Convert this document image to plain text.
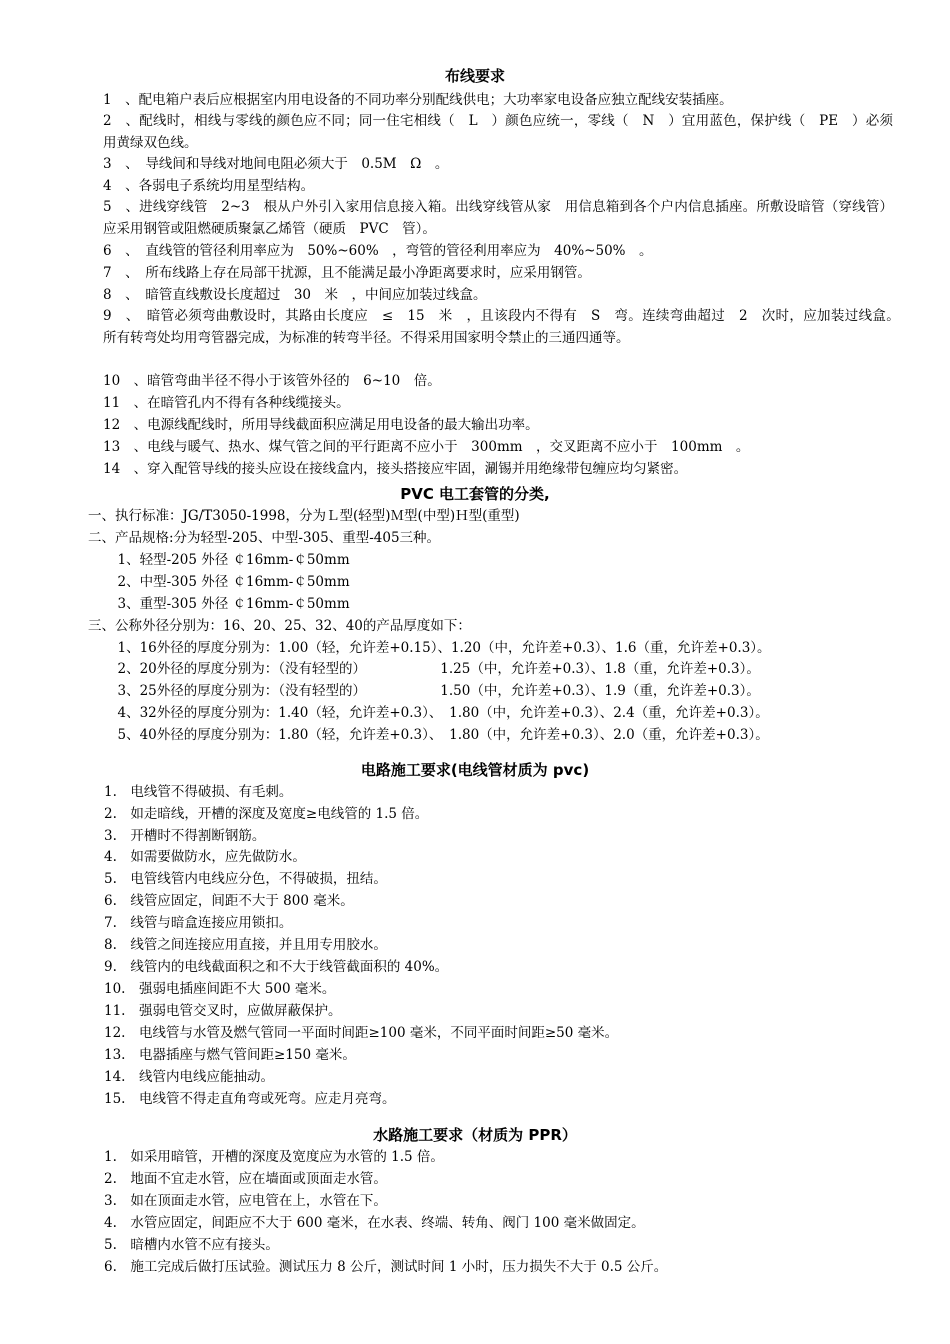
布线要求
1　、配电箱户表后应根据室内用电设备的不同功率分别配线供电；大功率家电设备应独立配线安装插座。
2　、配线时，相线与零线的颜色应不同；同一住宅相线（　L　）颜色应统一，零线（　N　）宜用蓝色，保护线（　PE　）必须用黄绿双色线。
3　、　导线间和导线对地间电阻必须大于　0.5M　Ω　。
4　、各弱电子系统均用星型结构。
5　、进线穿线管　2~3　根从户外引入家用信息接入箱。出线穿线管从家　用信息箱到各个户内信息插座。所敷设暗管（穿线管）应采用钢管或阻燃硬质聚氯乙烯管（硬质　PVC　管）。
6　、　直线管的管径利用率应为　50%~60%　，弯管的管径利用率应为　40%~50%　。
7　、　所布线路上存在局部干扰源，且不能满足最小净距离要求时，应采用钢管。
8　、　暗管直线敷设长度超过　30　米　，中间应加装过线盒。
9　、　暗管必须弯曲敷设时，其路由长度应　≤　15　米　，且该段内不得有　S　弯。连续弯曲超过　2　次时，应加装过线盒。　所有转弯处均用弯管器完成，为标准的转弯半径。不得采用国家明令禁止的三通四通等。
10　、暗管弯曲半径不得小于该管外径的　6~10　倍。
11　、在暗管孔内不得有各种线缆接头。
12　、电源线配线时，所用导线截面积应满足用电设备的最大输出功率。
13　、电线与暖气、热水、煤气管之间的平行距离不应小于　300mm　，交叉距离不应小于　100mm　。
14　、穿入配管导线的接头应设在接线盒内，接头搭接应牢固，涮锡并用绝缘带包缠应均匀紧密。
PVC 电工套管的分类,
一、执行标准：JG/T3050-1998，分为Ｌ型(轻型)Ｍ型(中型)Ｈ型(重型)
二、产品规格:分为轻型-205、中型-305、重型-405三种。
　1、轻型-205 外径 ￠16mm-￠50mm
　2、中型-305 外径 ￠16mm-￠50mm
　3、重型-305 外径 ￠16mm-￠50mm
三、公称外径分别为：16、20、25、32、40的产品厚度如下：
　1、16外径的厚度分别为：1.00（轻，允许差+0.15）、1.20（中，允许差+0.3）、1.6（重，允许差+0.3）。
　2、20外径的厚度分别为：（没有轻型的）　　　　　　1.25（中，允许差+0.3）、1.8（重，允许差+0.3）。
　3、25外径的厚度分别为：（没有轻型的）　　　　　　1.50（中，允许差+0.3）、1.9（重，允许差+0.3）。
　4、32外径的厚度分别为：1.40（轻，允许差+0.3）、　1.80（中，允许差+0.3）、2.4（重，允许差+0.3）。
　5、40外径的厚度分别为：1.80（轻，允许差+0.3）、　1.80（中，允许差+0.3）、2.0（重，允许差+0.3）。
电路施工要求(电线管材质为 pvc)
1.　电线管不得破损、有毛刺。
2.　如走暗线，开槽的深度及宽度≥电线管的 1.5 倍。
3.　开槽时不得割断钢筋。
4.　如需要做防水，应先做防水。
5.　电管线管内电线应分色，不得破损，扭结。
6.　线管应固定，间距不大于 800 毫米。
7.　线管与暗盒连接应用锁扣。
8.　线管之间连接应用直接，并且用专用胶水。
9.　线管内的电线截面积之和不大于线管截面积的 40%。
10.　强弱电插座间距不大 500 毫米。
11.　强弱电管交叉时，应做屏蔽保护。
12.　电线管与水管及燃气管同一平面时间距≥100 毫米，不同平面时间距≥50 毫米。
13.　电器插座与燃气管间距≥150 毫米。
14.　线管内电线应能抽动。
15.　电线管不得走直角弯或死弯。应走月亮弯。
水路施工要求（材质为 PPR）
1.　如采用暗管，开槽的深度及宽度应为水管的 1.5 倍。
2.　地面不宜走水管，应在墙面或顶面走水管。
3.　如在顶面走水管，应电管在上，水管在下。
4.　水管应固定，间距应不大于 600 毫米，在水表、终端、转角、阀门 100 毫米做固定。
5.　暗槽内水管不应有接头。
6.　施工完成后做打压试验。测试压力 8 公斤，测试时间 1 小时，压力损失不大于 0.5 公斤。
